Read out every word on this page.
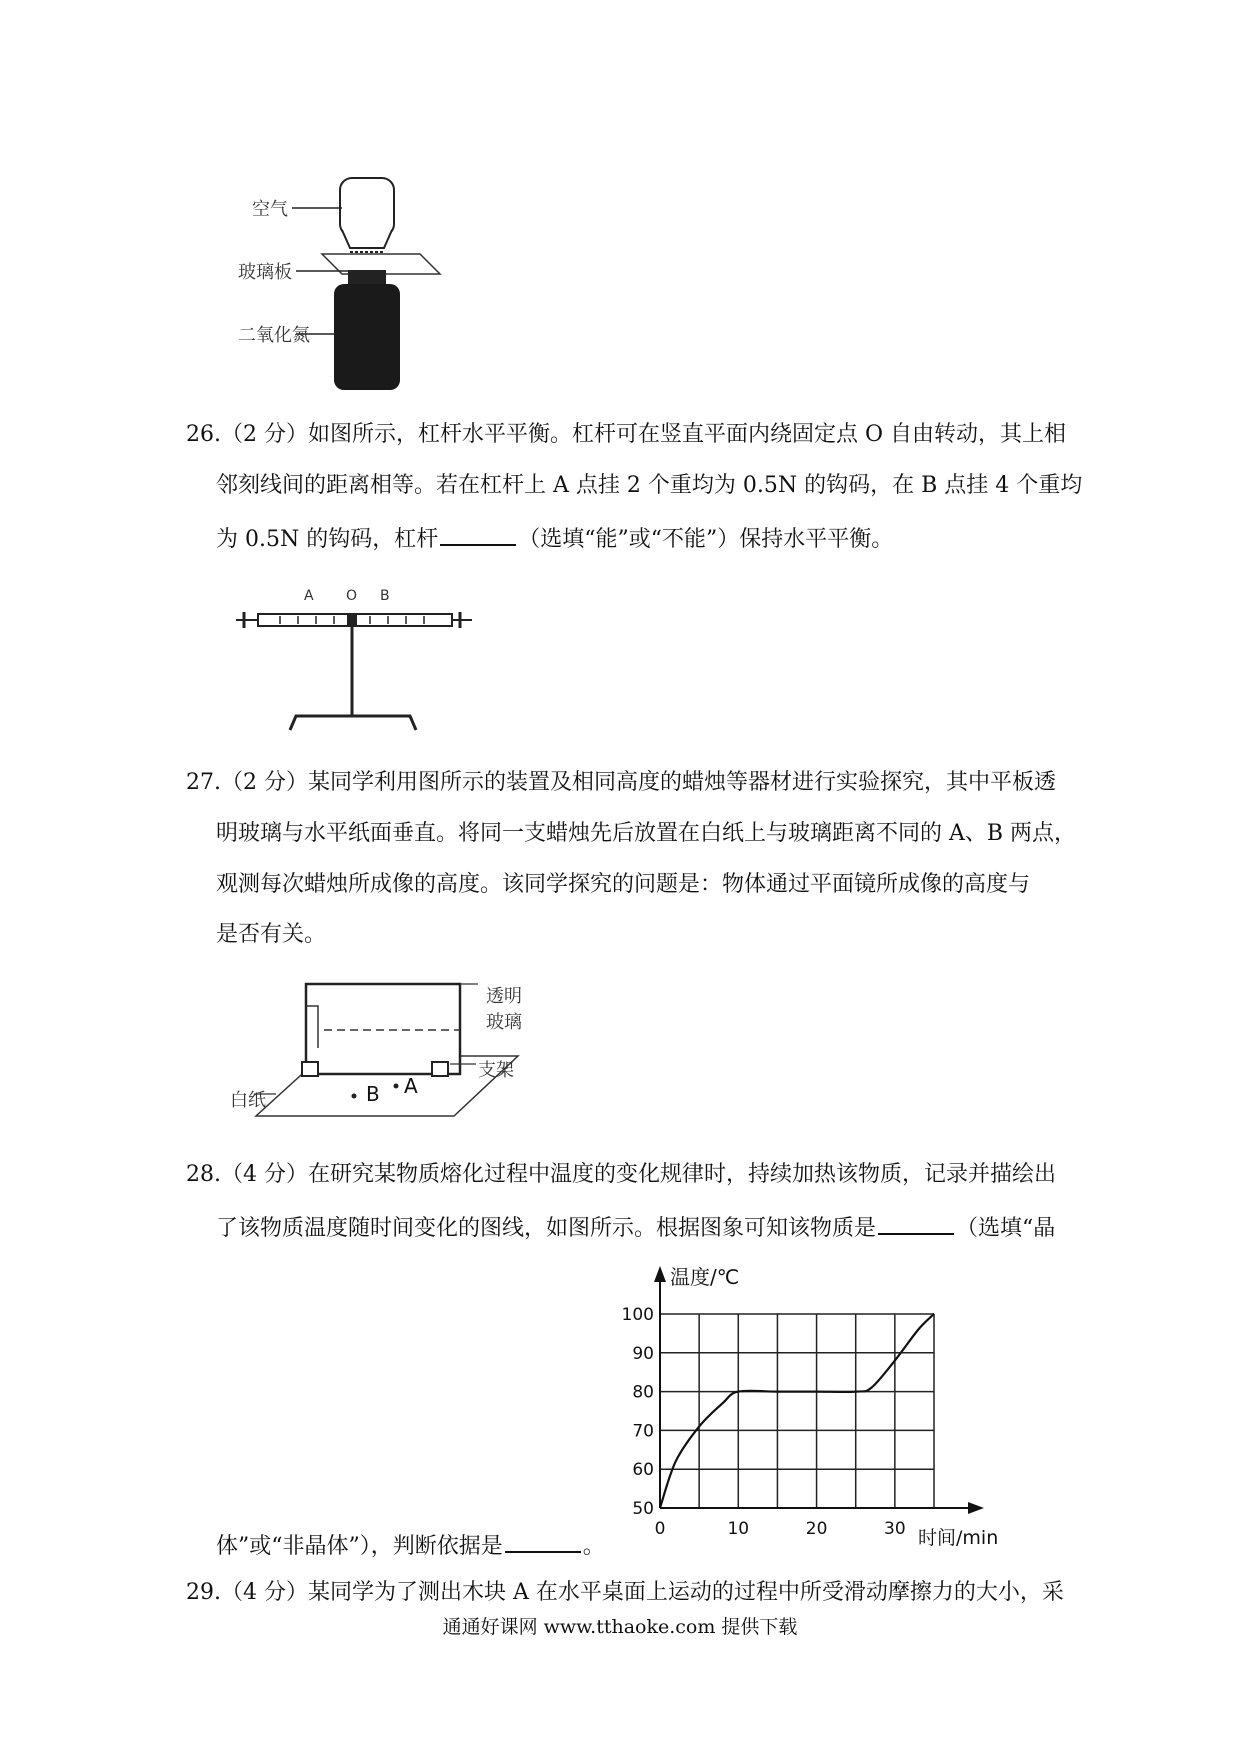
空气
玻璃板
二氧化氮
26.（2 分）如图所示，杠杆水平平衡。杠杆可在竖直平面内绕固定点 O 自由转动，其上相
邻刻线间的距离相等。若在杠杆上 A 点挂 2 个重均为 0.5N 的钩码，在 B 点挂 4 个重均
为 0.5N 的钩码，杠杆	（选填“能”或“不能”）保持水平平衡。
A O B
27.（2 分）某同学利用图所示的装置及相同高度的蜡烛等器材进行实验探究，其中平板透
明玻璃与水平纸面垂直。将同一支蜡烛先后放置在白纸上与玻璃距离不同的 A、B 两点，
观测每次蜡烛所成像的高度。该同学探究的问题是：物体通过平面镜所成像的高度与
是否有关。
透明
玻璃
支架
白纸	B A
28.（4 分）在研究某物质熔化过程中温度的变化规律时，持续加热该物质，记录并描绘出
了该物质温度随时间变化的图线，如图所示。根据图象可知该物质是	（选填“晶
50
60
70
80
90
100
0	10	20	30
温度/℃
时间/min
体”或“非晶体”），判断依据是	。
29.（4 分）某同学为了测出木块 A 在水平桌面上运动的过程中所受滑动摩擦力的大小，采
通通好课网 www.tthaoke.com 提供下载
